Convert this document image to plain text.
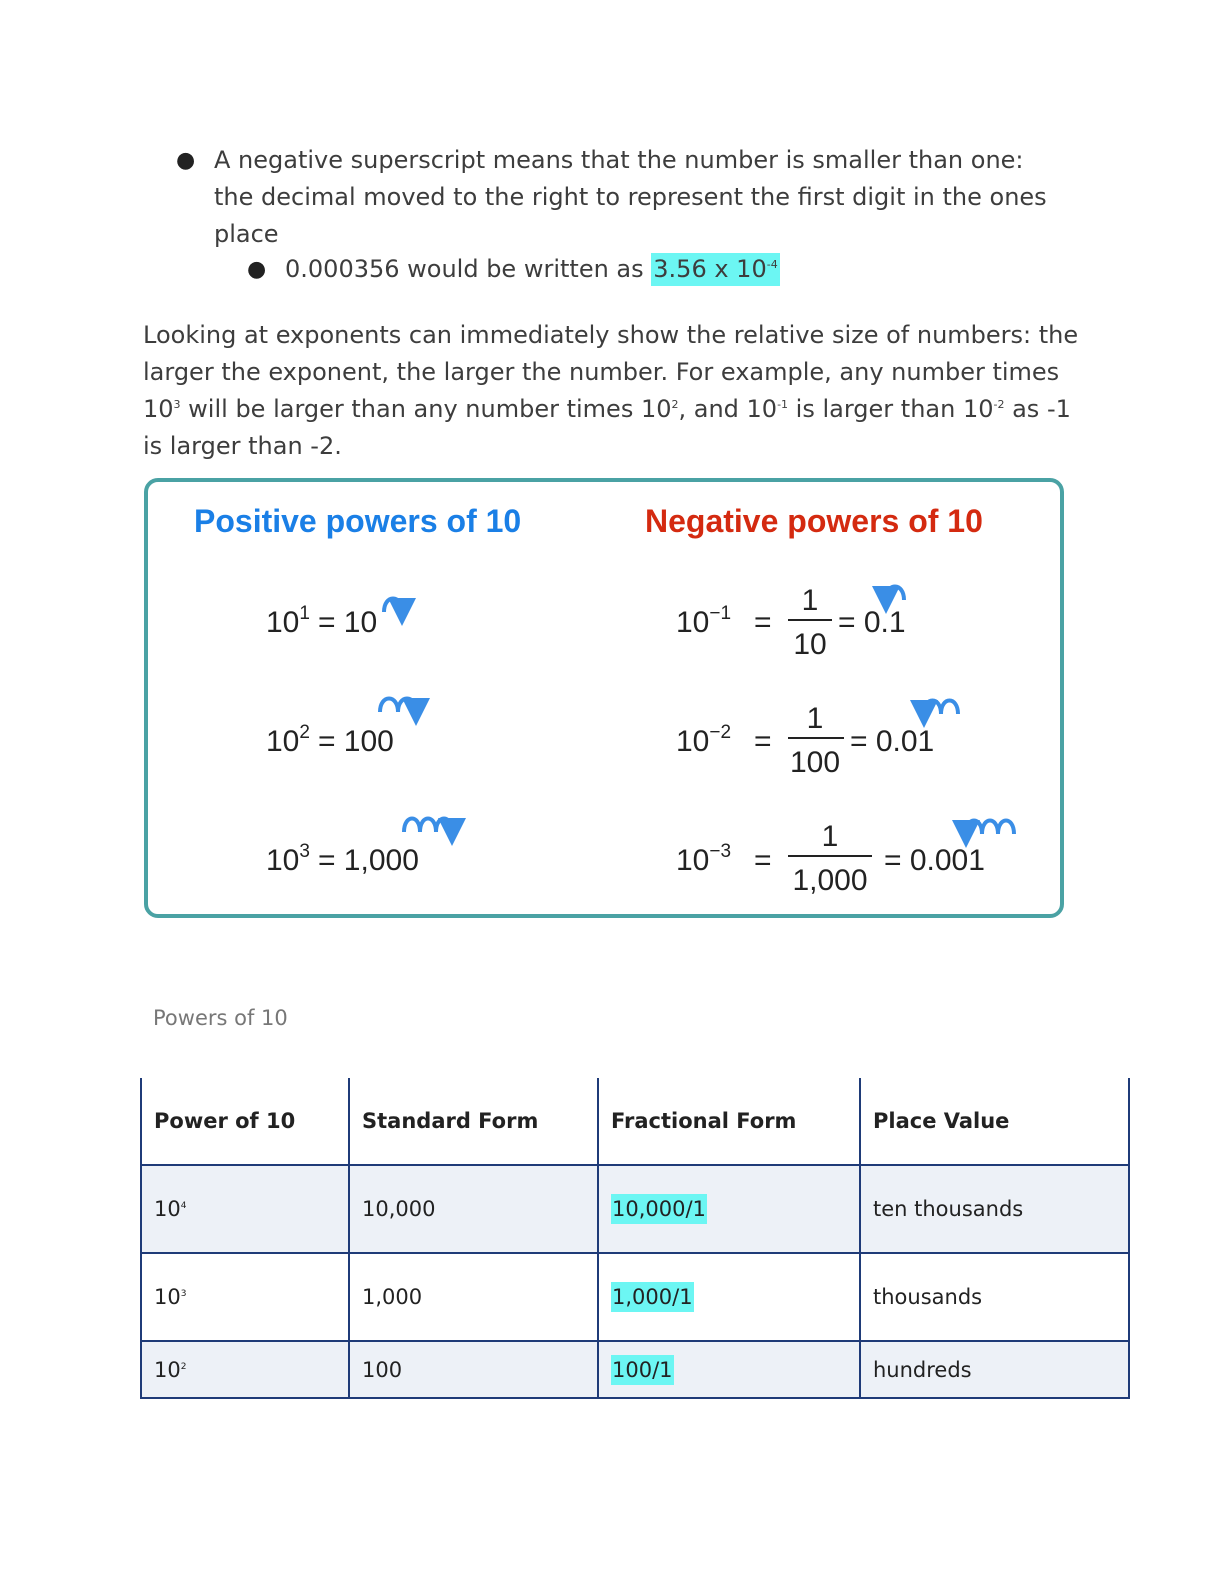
● A negative superscript means that the number is smaller than one: the decimal moved to the right to represent the first digit in the ones place
● 0.000356 would be written as 3.56 x $10^{-4}$

Looking at exponents can immediately show the relative size of numbers: the larger the exponent, the larger the number. For example, any number times $10^3$ will be larger than any number times $10^2$, and $10^{-1}$ is larger than $10^{-2}$ as -1 is larger than -2.

Positive powers of 10	Negative powers of 10
$10^1 = 10$
$10^2 = 100$
$10^3 = 1,000$
$10^{-1}$ =
1
10
= 0.1
$10^{-2}$ =
1
100
= 0.01
$10^{-3}$ =
1
1,000
= 0.001

Powers of 10

Power of 10	Standard Form	Fractional Form	Place Value
$10^4$	10,000	10,000/1	ten thousands
$10^3$	1,000	1,000/1	thousands
$10^2$	100	100/1	hundreds
